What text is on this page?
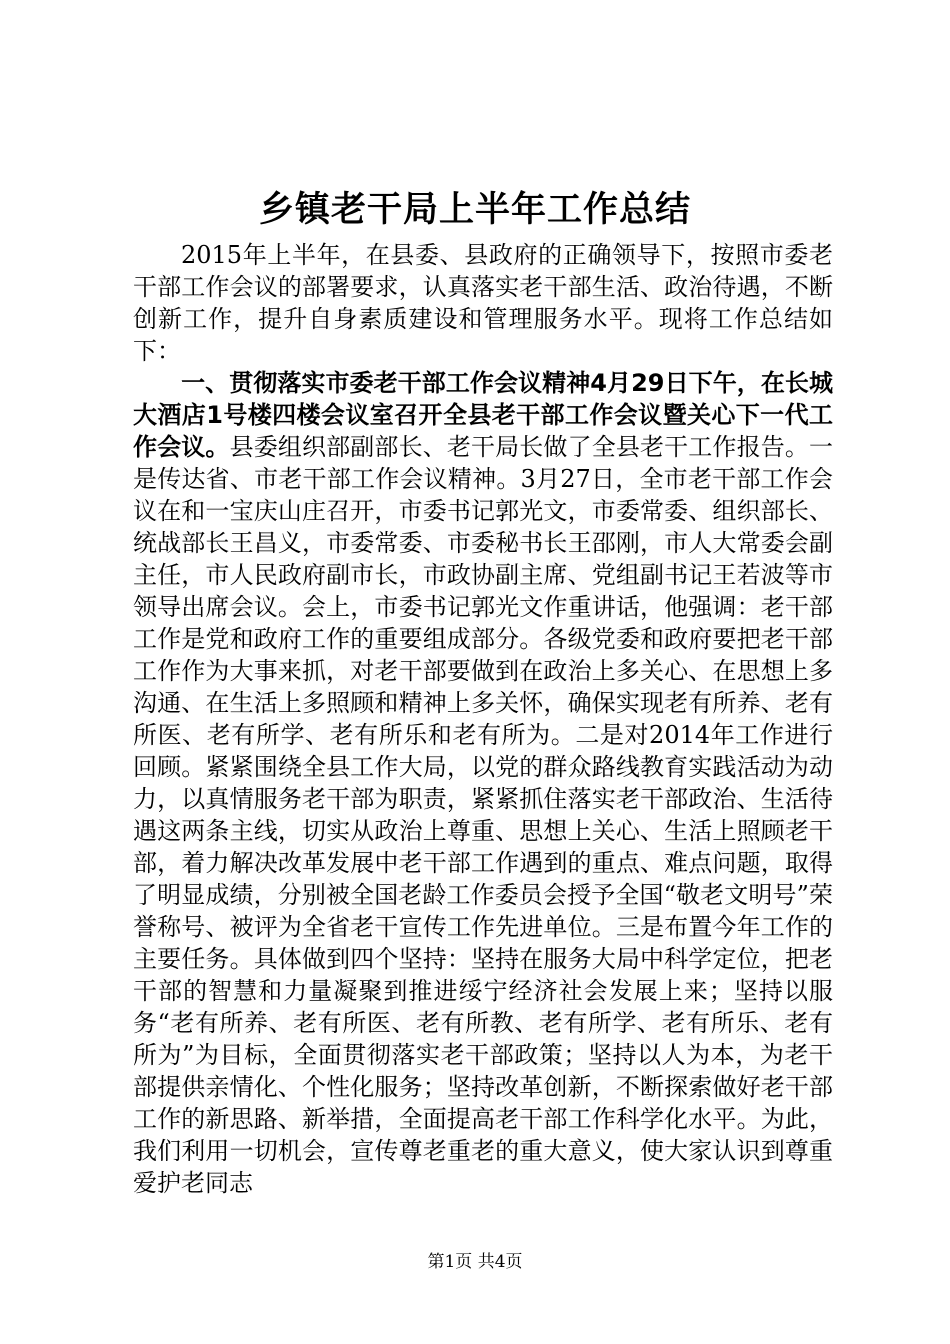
乡镇老干局上半年工作总结

2015年上半年，在县委、县政府的正确领导下，按照市委老干部工作会议的部署要求，认真落实老干部生活、政治待遇，不断创新工作，提升自身素质建设和管理服务水平。现将工作总结如下：
一、贯彻落实市委老干部工作会议精神4月29日下午，在长城大酒店1号楼四楼会议室召开全县老干部工作会议暨关心下一代工作会议。县委组织部副部长、老干局长做了全县老干工作报告。一是传达省、市老干部工作会议精神。3月27日，全市老干部工作会议在和一宝庆山庄召开，市委书记郭光文，市委常委、组织部长、统战部长王昌义，市委常委、市委秘书长王邵刚，市人大常委会副主任，市人民政府副市长，市政协副主席、党组副书记王若波等市领导出席会议。会上，市委书记郭光文作重讲话，他强调：老干部工作是党和政府工作的重要组成部分。各级党委和政府要把老干部工作作为大事来抓，对老干部要做到在政治上多关心、在思想上多沟通、在生活上多照顾和精神上多关怀，确保实现老有所养、老有所医、老有所学、老有所乐和老有所为。二是对2014年工作进行回顾。紧紧围绕全县工作大局，以党的群众路线教育实践活动为动力，以真情服务老干部为职责，紧紧抓住落实老干部政治、生活待遇这两条主线，切实从政治上尊重、思想上关心、生活上照顾老干部，着力解决改革发展中老干部工作遇到的重点、难点问题，取得了明显成绩，分别被全国老龄工作委员会授予全国“敬老文明号”荣誉称号、被评为全省老干宣传工作先进单位。三是布置今年工作的主要任务。具体做到四个坚持：坚持在服务大局中科学定位，把老干部的智慧和力量凝聚到推进绥宁经济社会发展上来；坚持以服务“老有所养、老有所医、老有所教、老有所学、老有所乐、老有所为”为目标，全面贯彻落实老干部政策；坚持以人为本，为老干部提供亲情化、个性化服务；坚持改革创新，不断探索做好老干部工作的新思路、新举措，全面提高老干部工作科学化水平。为此，我们利用一切机会，宣传尊老重老的重大意义，使大家认识到尊重爱护老同志

第1页 共4页
